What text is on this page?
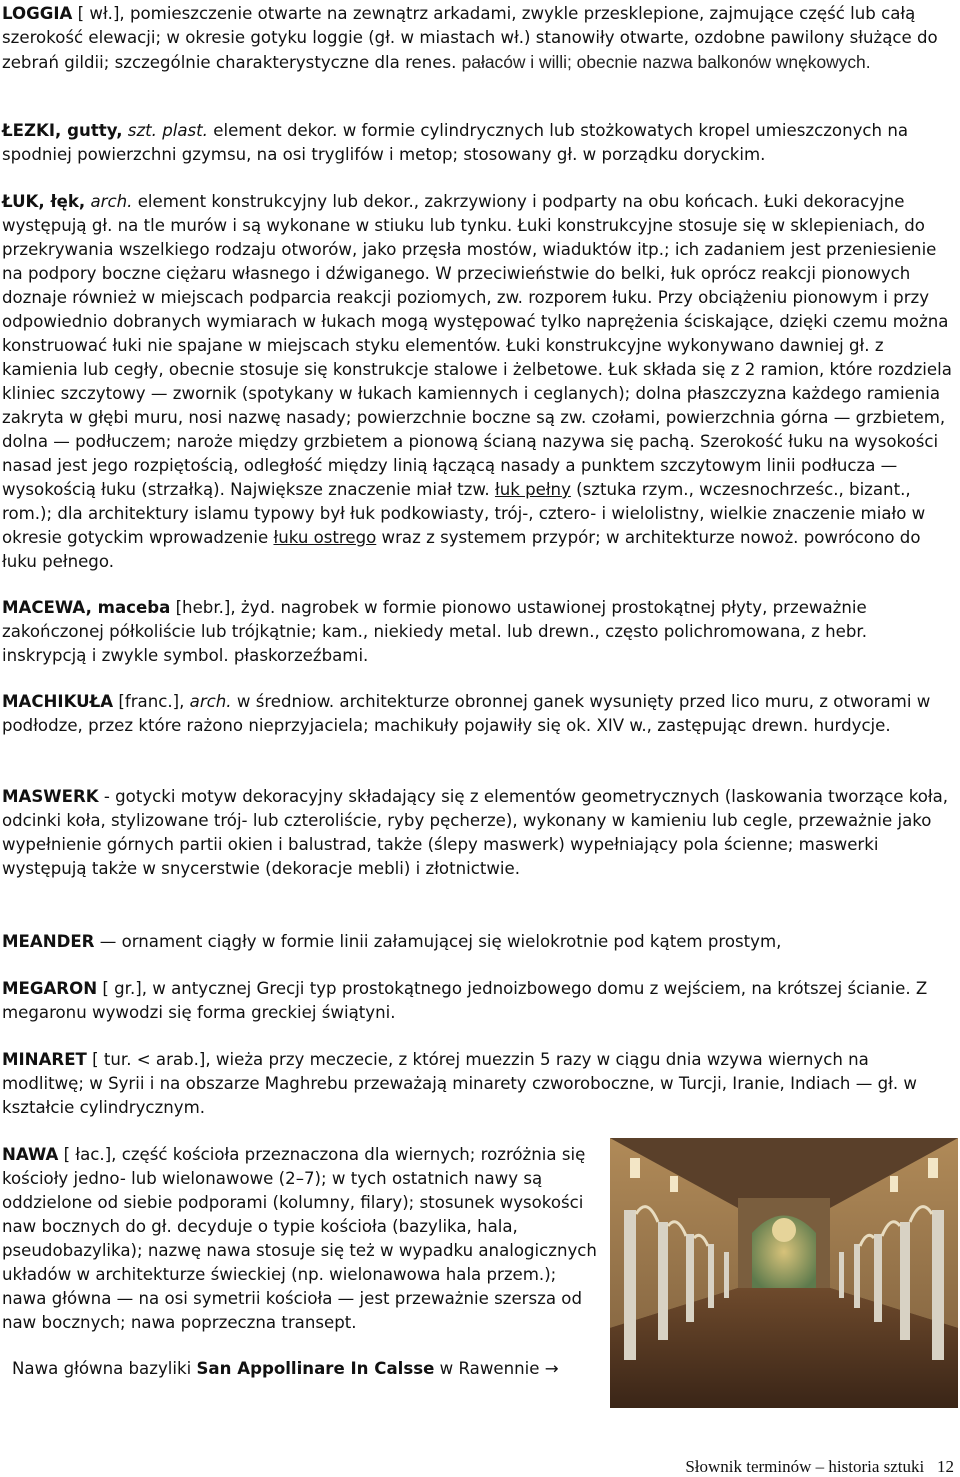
LOGGIA [ wł.], pomieszczenie otwarte na zewnątrz arkadami, zwykle przesklepione, zajmujące część lub całą szerokość elewacji; w okresie gotyku loggie (gł. w miastach wł.) stanowiły otwarte, ozdobne pawilony służące do zebrań gildii; szczególnie charakterystyczne dla renes. pałaców i willi; obecnie nazwa balkonów wnękowych.

ŁEZKI, gutty, szt. plast. element dekor. w formie cylindrycznych lub stożkowatych kropel umieszczonych na spodniej powierzchni gzymsu, na osi tryglifów i metop; stosowany gł. w porządku doryckim.

ŁUK, łęk, arch. element konstrukcyjny lub dekor., zakrzywiony i podparty na obu końcach. Łuki dekoracyjne występują gł. na tle murów i są wykonane w stiuku lub tynku. Łuki konstrukcyjne stosuje się w sklepieniach, do przekrywania wszelkiego rodzaju otworów, jako przęsła mostów, wiaduktów itp.; ich zadaniem jest przeniesienie na podpory boczne ciężaru własnego i dźwiganego. W przeciwieństwie do belki, łuk oprócz reakcji pionowych doznaje również w miejscach podparcia reakcji poziomych, zw. rozporem łuku. Przy obciążeniu pionowym i przy odpowiednio dobranych wymiarach w łukach mogą występować tylko naprężenia ściskające, dzięki czemu można konstruować łuki nie spajane w miejscach styku elementów. Łuki konstrukcyjne wykonywano dawniej gł. z kamienia lub cegły, obecnie stosuje się konstrukcje stalowe i żelbetowe. Łuk składa się z 2 ramion, które rozdziela kliniec szczytowy — zwornik (spotykany w łukach kamiennych i ceglanych); dolna płaszczyzna każdego ramienia zakryta w głębi muru, nosi nazwę nasady; powierzchnie boczne są zw. czołami, powierzchnia górna — grzbietem, dolna — podłuczem; naroże między grzbietem a pionową ścianą nazywa się pachą. Szerokość łuku na wysokości nasad jest jego rozpiętością, odległość między linią łączącą nasady a punktem szczytowym linii podłucza — wysokością łuku (strzałką). Największe znaczenie miał tzw. łuk pełny (sztuka rzym., wczesnochrześc., bizant., rom.); dla architektury islamu typowy był łuk podkowiasty, trój-, cztero- i wielolistny, wielkie znaczenie miało w okresie gotyckim wprowadzenie łuku ostrego wraz z systemem przypór; w architekturze nowoż. powrócono do łuku pełnego.

MACEWA, maceba [hebr.], żyd. nagrobek w formie pionowo ustawionej prostokątnej płyty, przeważnie zakończonej półkoliście lub trójkątnie; kam., niekiedy metal. lub drewn., często polichromowana, z hebr. inskrypcją i zwykle symbol. płaskorzeźbami.

MACHIKUŁA [franc.], arch. w średniow. architekturze obronnej ganek wysunięty przed lico muru, z otworami w podłodze, przez które rażono nieprzyjaciela; machikuły pojawiły się ok. XIV w., zastępując drewn. hurdycje.

MASWERK - gotycki motyw dekoracyjny składający się z elementów geometrycznych (laskowania tworzące koła, odcinki koła, stylizowane trój- lub czteroliście, ryby pęcherze), wykonany w kamieniu lub cegle, przeważnie jako wypełnienie górnych partii okien i balustrad, także (ślepy maswerk) wypełniający pola ścienne; maswerki występują także w snycerstwie (dekoracje mebli) i złotnictwie.

MEANDER — ornament ciągły w formie linii załamującej się wielokrotnie pod kątem prostym,

MEGARON [ gr.], w antycznej Grecji typ prostokątnego jednoizbowego domu z wejściem, na krótszej ścianie. Z megaronu wywodzi się forma greckiej świątyni.

MINARET [ tur. < arab.], wieża przy meczecie, z której muezzin 5 razy w ciągu dnia wzywa wiernych na modlitwę; w Syrii i na obszarze Maghrebu przeważają minarety czworoboczne, w Turcji, Iranie, Indiach — gł. w kształcie cylindrycznym.

NAWA [ łac.], część kościoła przeznaczona dla wiernych; rozróżnia się kościoły jedno- lub wielonawowe (2–7); w tych ostatnich nawy są oddzielone od siebie podporami (kolumny, filary); stosunek wysokości naw bocznych do gł. decyduje o typie kościoła (bazylika, hala, pseudobazylika); nazwę nawa stosuje się też w wypadku analogicznych układów w architekturze świeckiej (np. wielonawowa hala przem.); nawa główna — na osi symetrii kościoła — jest przeważnie szersza od naw bocznych; nawa poprzeczna transept.

Nawa główna bazyliki San Appollinare In Calsse w Rawennie →
Słownik terminów – historia sztuki 12
